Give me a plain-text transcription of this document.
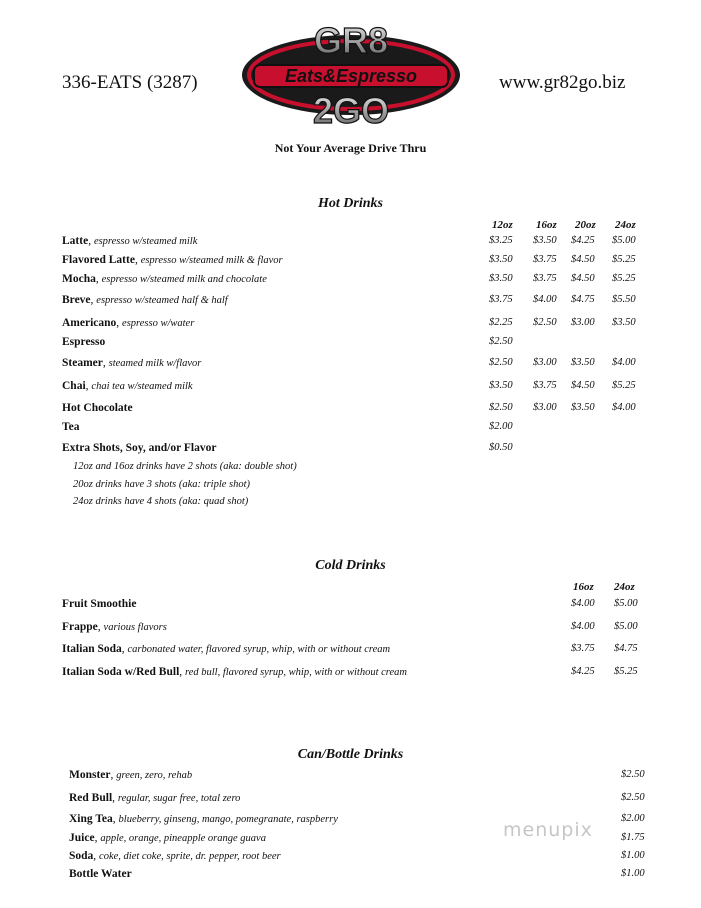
336-EATS (3287)	www.gr82go.biz
GR8
Eats&Espresso
2GO
Not Your Average Drive Thru
Hot Drinks
12oz 16oz 20oz 24oz
Latte, espresso w/steamed milk	$3.25 $3.50 $4.25 $5.00
Flavored Latte, espresso w/steamed milk & flavor	$3.50 $3.75 $4.50 $5.25
Mocha, espresso w/steamed milk and chocolate	$3.50 $3.75 $4.50 $5.25
Breve, espresso w/steamed half & half	$3.75 $4.00 $4.75 $5.50
Americano, espresso w/water	$2.25 $2.50 $3.00 $3.50
Espresso	$2.50
Steamer, steamed milk w/flavor	$2.50 $3.00 $3.50 $4.00
Chai, chai tea w/steamed milk	$3.50 $3.75 $4.50 $5.25
Hot Chocolate	$2.50 $3.00 $3.50 $4.00
Tea	$2.00
Extra Shots, Soy, and/or Flavor	$0.50
12oz and 16oz drinks have 2 shots (aka: double shot)
20oz drinks have 3 shots (aka: triple shot)
24oz drinks have 4 shots (aka: quad shot)
Cold Drinks
16oz 24oz
Fruit Smoothie	$4.00 $5.00
Frappe, various flavors	$4.00 $5.00
Italian Soda, carbonated water, flavored syrup, whip, with or without cream	$3.75 $4.75
Italian Soda w/Red Bull, red bull, flavored syrup, whip, with or without cream	$4.25 $5.25
Can/Bottle Drinks
Monster, green, zero, rehab	$2.50
Red Bull, regular, sugar free, total zero	$2.50
Xing Tea, blueberry, ginseng, mango, pomegranate, raspberry	$2.00
Juice, apple, orange, pineapple orange guava	$1.75
Soda, coke, diet coke, sprite, dr. pepper, root beer	$1.00
Bottle Water	$1.00
menupix
